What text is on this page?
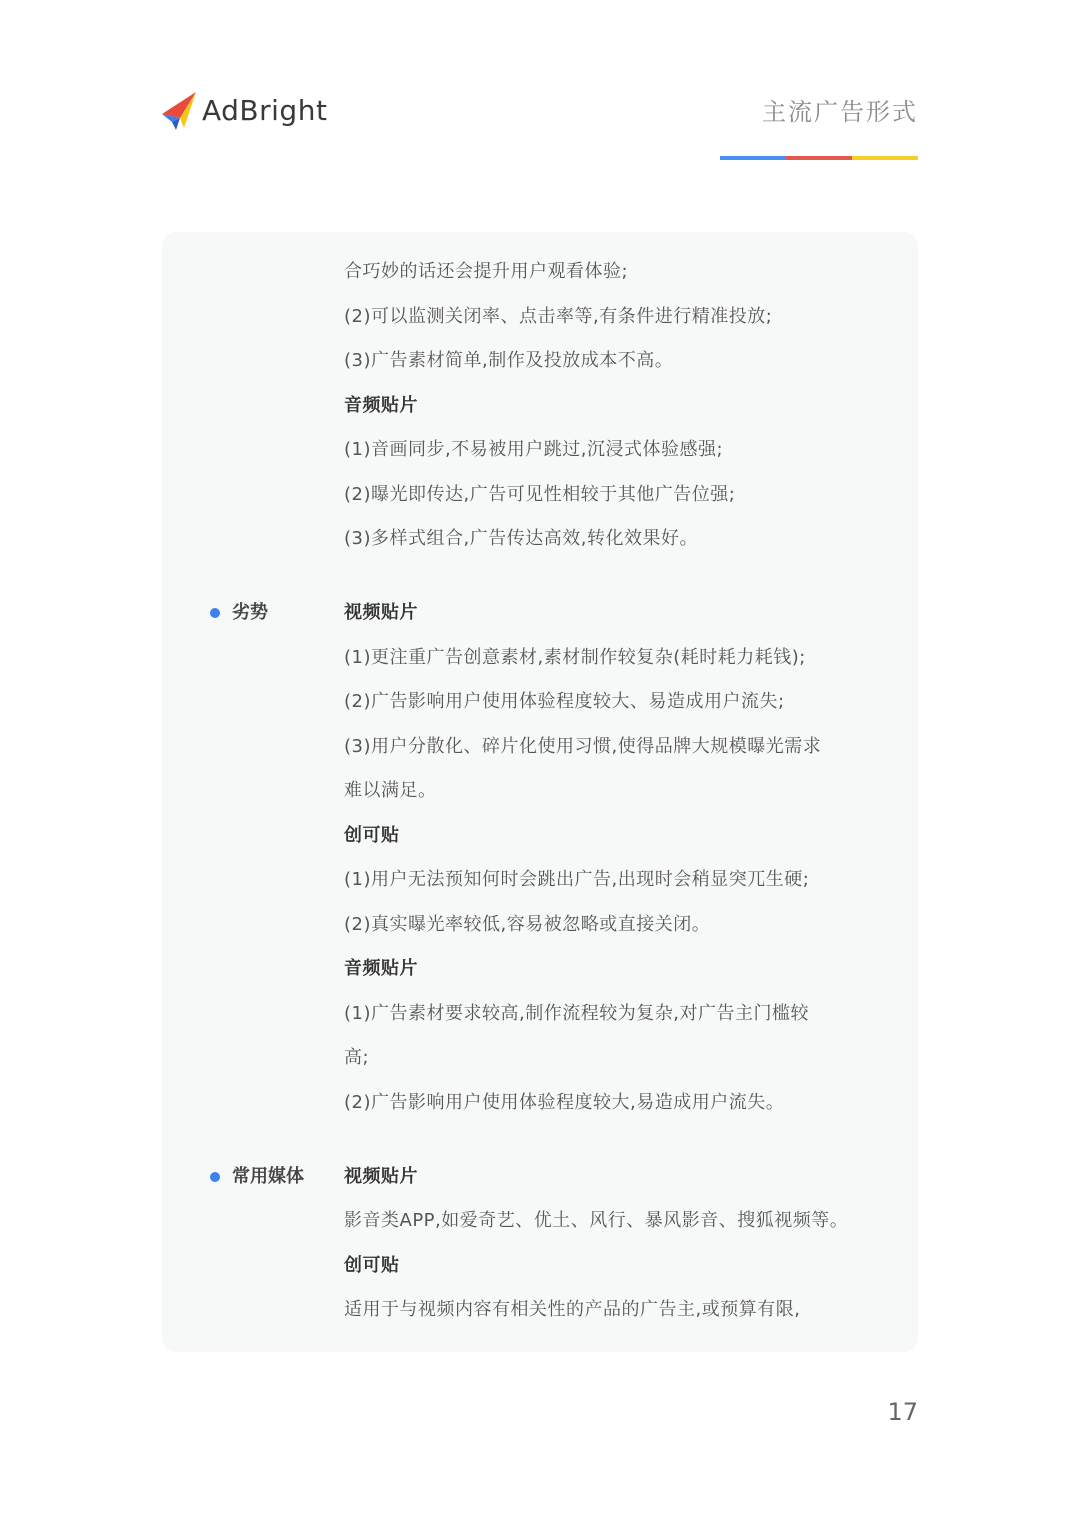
AdBright	主流广告形式
合巧妙的话还会提升用户观看体验;
(2)可以监测关闭率、点击率等,有条件进行精准投放;
(3)广告素材简单,制作及投放成本不高。
音频贴片
(1)音画同步,不易被用户跳过,沉浸式体验感强;
(2)曝光即传达,广告可见性相较于其他广告位强;
(3)多样式组合,广告传达高效,转化效果好。
劣势	视频贴片
(1)更注重广告创意素材,素材制作较复杂(耗时耗力耗钱);
(2)广告影响用户使用体验程度较大、易造成用户流失;
(3)用户分散化、碎片化使用习惯,使得品牌大规模曝光需求
难以满足。
创可贴
(1)用户无法预知何时会跳出广告,出现时会稍显突兀生硬;
(2)真实曝光率较低,容易被忽略或直接关闭。
音频贴片
(1)广告素材要求较高,制作流程较为复杂,对广告主门槛较
高;
(2)广告影响用户使用体验程度较大,易造成用户流失。
常用媒体 视频贴片
影音类APP,如爱奇艺、优土、风行、暴风影音、搜狐视频等。
创可贴
适用于与视频内容有相关性的产品的广告主,或预算有限,
17
